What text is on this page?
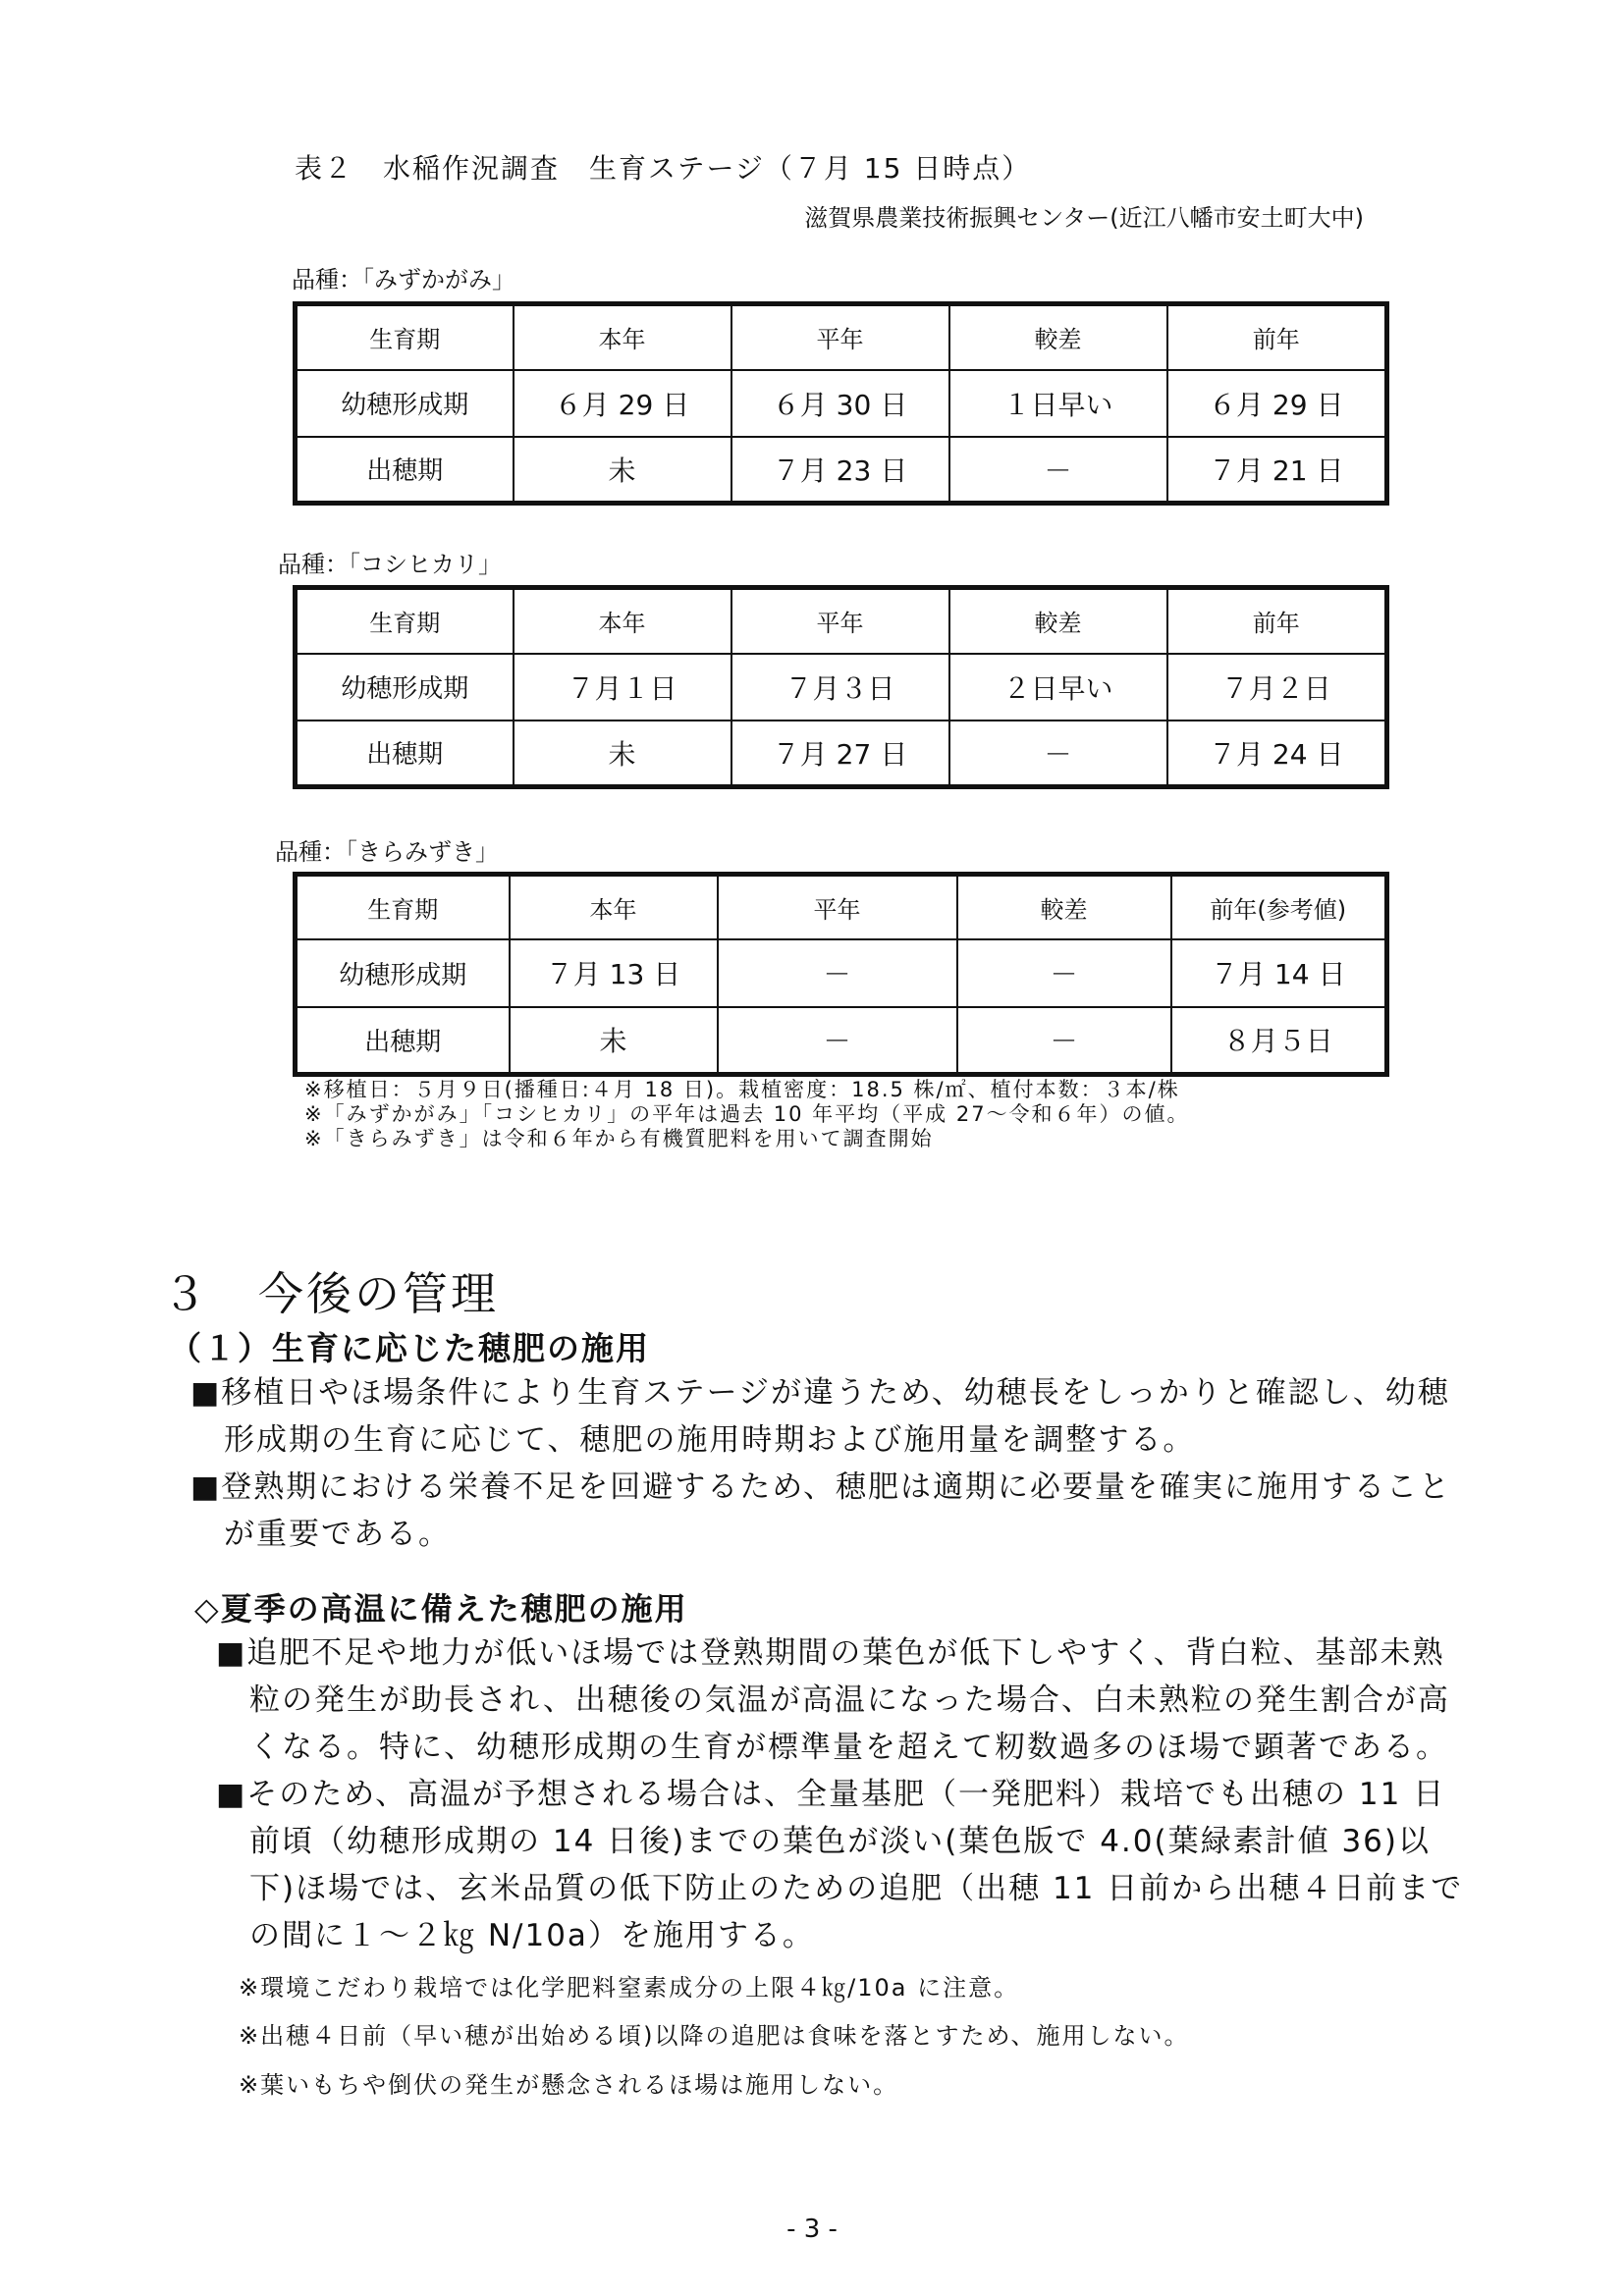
表２　水稲作況調査　生育ステージ（７月 15 日時点）
滋賀県農業技術振興センター(近江八幡市安土町大中)
品種：「みずかがみ」
生育期	本年	平年	較差	前年
幼穂形成期	６月 29 日	６月 30 日	１日早い	６月 29 日
出穂期	未	７月 23 日	－	７月 21 日
品種：「コシヒカリ」
生育期	本年	平年	較差	前年
幼穂形成期	７月１日	７月３日	２日早い	７月２日
出穂期	未	７月 27 日	－	７月 24 日
品種：「きらみずき」
生育期	本年	平年	較差	前年(参考値)
幼穂形成期	７月 13 日	－	－	７月 14 日
出穂期	未	－	－	８月５日
※移植日：５月９日(播種日:４月 18 日)。栽植密度：18.5 株/㎡、植付本数：３本/株
※「みずかがみ」「コシヒカリ」の平年は過去 10 年平均（平成 27～令和６年）の値。
※「きらみずき」は令和６年から有機質肥料を用いて調査開始
３　今後の管理
（１）生育に応じた穂肥の施用
■移植日やほ場条件により生育ステージが違うため、幼穂長をしっかりと確認し、幼穂形成期の生育に応じて、穂肥の施用時期および施用量を調整する。
■登熟期における栄養不足を回避するため、穂肥は適期に必要量を確実に施用することが重要である。
◇夏季の高温に備えた穂肥の施用
■追肥不足や地力が低いほ場では登熟期間の葉色が低下しやすく、背白粒、基部未熟粒の発生が助長され、出穂後の気温が高温になった場合、白未熟粒の発生割合が高くなる。特に、幼穂形成期の生育が標準量を超えて籾数過多のほ場で顕著である。
■そのため、高温が予想される場合は、全量基肥（一発肥料）栽培でも出穂の 11 日前頃（幼穂形成期の 14 日後)までの葉色が淡い(葉色版で 4.0(葉緑素計値 36)以下)ほ場では、玄米品質の低下防止のための追肥（出穂 11 日前から出穂４日前までの間に１～２㎏ N/10a）を施用する。
※環境こだわり栽培では化学肥料窒素成分の上限４㎏/10a に注意。
※出穂４日前（早い穂が出始める頃)以降の追肥は食味を落とすため、施用しない。
※葉いもちや倒伏の発生が懸念されるほ場は施用しない。
- 3 -
